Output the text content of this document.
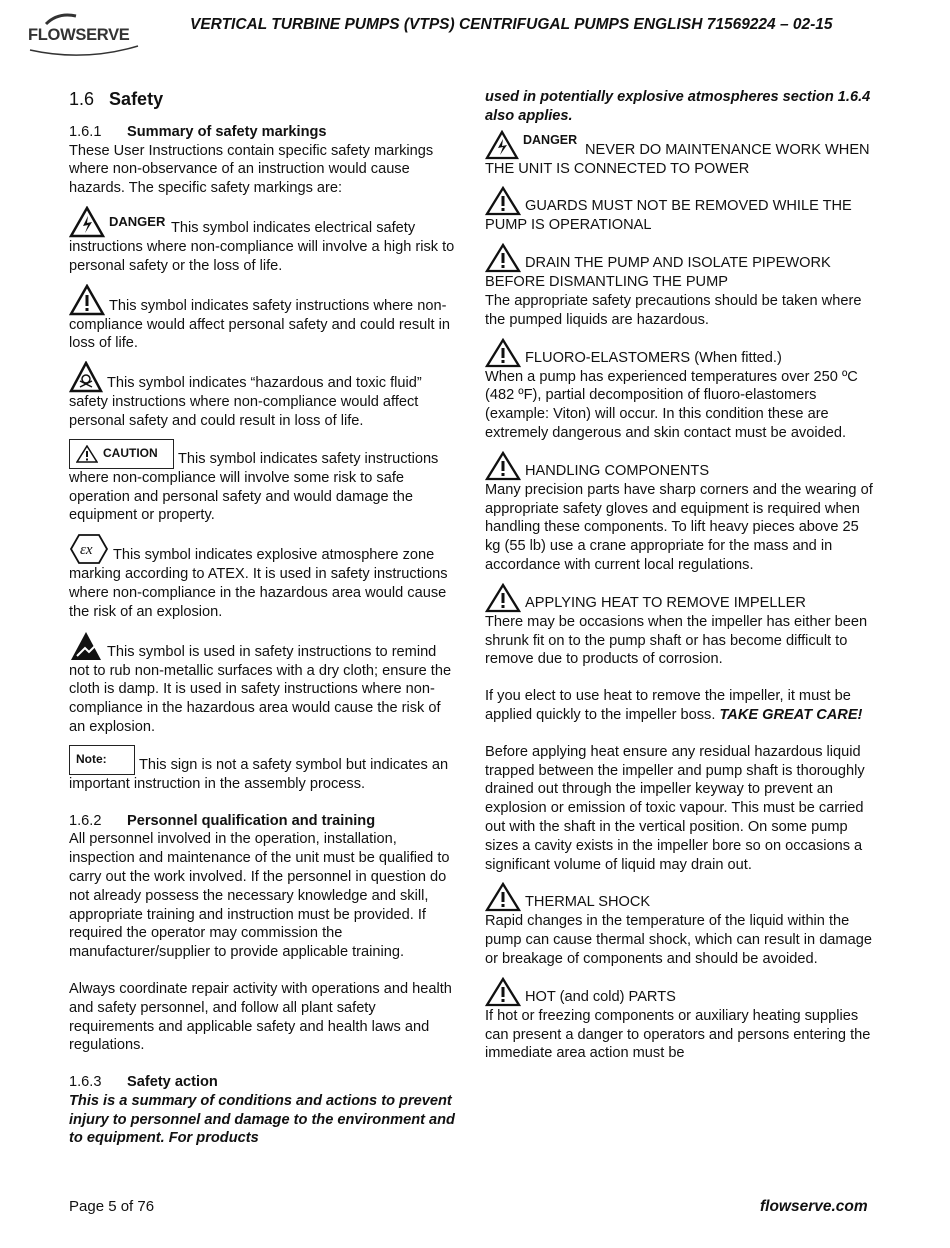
FLOWSERVE
VERTICAL TURBINE PUMPS (VTPS) CENTRIFUGAL PUMPS ENGLISH 71569224 – 02-15
1.6 Safety
1.6.1 Summary of safety markings

These User Instructions contain specific safety markings where non-observance of an instruction would cause hazards. The specific safety markings are:

DANGER This symbol indicates electrical safety instructions where non-compliance will involve a high risk to personal safety or the loss of life.
This symbol indicates safety instructions where non-compliance would affect personal safety and could result in loss of life.
This symbol indicates “hazardous and toxic fluid” safety instructions where non-compliance would affect personal safety and could result in loss of life.
CAUTION This symbol indicates safety instructions where non-compliance will involve some risk to safe operation and personal safety and would damage the equipment or property.
εx This symbol indicates explosive atmosphere zone marking according to ATEX. It is used in safety instructions where non-compliance in the hazardous area would cause the risk of an explosion.
This symbol is used in safety instructions to remind not to rub non-metallic surfaces with a dry cloth; ensure the cloth is damp. It is used in safety instructions where non-compliance in the hazardous area would cause the risk of an explosion.
Note: This sign is not a safety symbol but indicates an important instruction in the assembly process.
1.6.2 Personnel qualification and training

All personnel involved in the operation, installation, inspection and maintenance of the unit must be qualified to carry out the work involved. If the personnel in question do not already possess the necessary knowledge and skill, appropriate training and instruction must be provided. If required the operator may commission the manufacturer/supplier to provide applicable training.

Always coordinate repair activity with operations and health and safety personnel, and follow all plant safety requirements and applicable safety and health laws and regulations.

1.6.3 Safety action

This is a summary of conditions and actions to prevent injury to personnel and damage to the environment and to equipment. For products

used in potentially explosive atmospheres section 1.6.4 also applies.

DANGER
NEVER DO MAINTENANCE WORK WHEN THE UNIT IS CONNECTED TO POWER
GUARDS MUST NOT BE REMOVED WHILE THE PUMP IS OPERATIONAL
DRAIN THE PUMP AND ISOLATE PIPEWORK BEFORE DISMANTLING THE PUMP

The appropriate safety precautions should be taken where the pumped liquids are hazardous.

FLUORO-ELASTOMERS (When fitted.)

When a pump has experienced temperatures over 250 ºC (482 ºF), partial decomposition of fluoro-elastomers (example: Viton) will occur. In this condition these are extremely dangerous and skin contact must be avoided.

HANDLING COMPONENTS

Many precision parts have sharp corners and the wearing of appropriate safety gloves and equipment is required when handling these components. To lift heavy pieces above 25 kg (55 lb) use a crane appropriate for the mass and in accordance with current local regulations.

APPLYING HEAT TO REMOVE IMPELLER

There may be occasions when the impeller has either been shrunk fit on to the pump shaft or has become difficult to remove due to products of corrosion.

If you elect to use heat to remove the impeller, it must be applied quickly to the impeller boss. TAKE GREAT CARE!

Before applying heat ensure any residual hazardous liquid trapped between the impeller and pump shaft is thoroughly drained out through the impeller keyway to prevent an explosion or emission of toxic vapour. This must be carried out with the shaft in the vertical position. On some pump sizes a cavity exists in the impeller bore so on occasions a significant volume of liquid may drain out.

THERMAL SHOCK

Rapid changes in the temperature of the liquid within the pump can cause thermal shock, which can result in damage or breakage of components and should be avoided.

HOT (and cold) PARTS

If hot or freezing components or auxiliary heating supplies can present a danger to operators and persons entering the immediate area action must be

Page 5 of 76	flowserve.com
